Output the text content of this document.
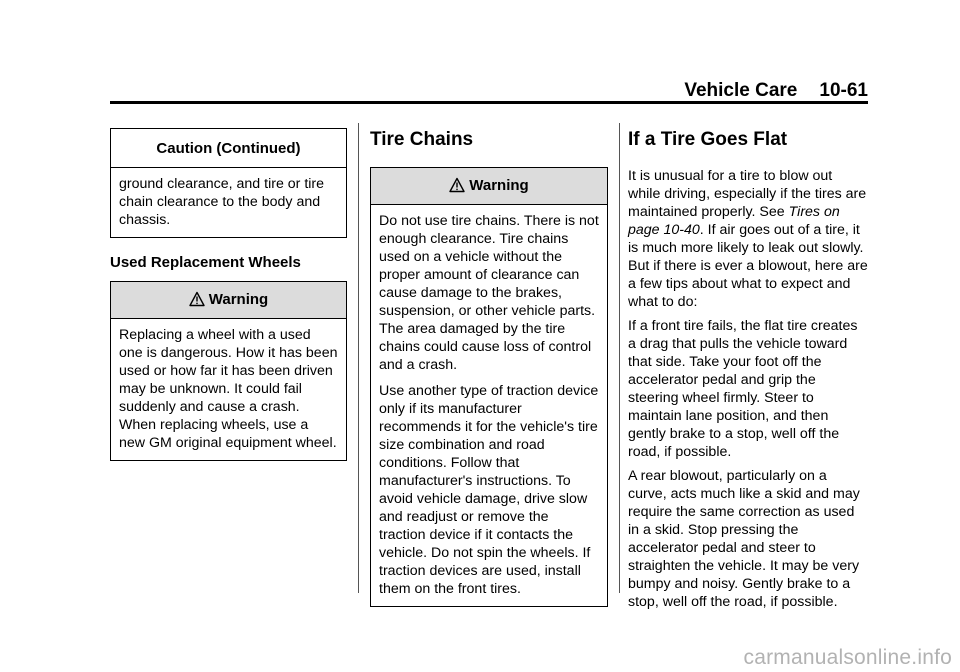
Vehicle Care 10-61
Caution (Continued)

ground clearance, and tire or tire chain clearance to the body and chassis.

Used Replacement Wheels
Warning

Replacing a wheel with a used one is dangerous. How it has been used or how far it has been driven may be unknown. It could fail suddenly and cause a crash. When replacing wheels, use a new GM original equipment wheel.

Tire Chains
Warning

Do not use tire chains. There is not enough clearance. Tire chains used on a vehicle without the proper amount of clearance can cause damage to the brakes, suspension, or other vehicle parts. The area damaged by the tire chains could cause loss of control and a crash.

Use another type of traction device only if its manufacturer recommends it for the vehicle's tire size combination and road conditions. Follow that manufacturer's instructions. To avoid vehicle damage, drive slow and readjust or remove the traction device if it contacts the vehicle. Do not spin the wheels. If traction devices are used, install them on the front tires.

If a Tire Goes Flat

It is unusual for a tire to blow out while driving, especially if the tires are maintained properly. See Tires on page 10-40. If air goes out of a tire, it is much more likely to leak out slowly. But if there is ever a blowout, here are a few tips about what to expect and what to do:

If a front tire fails, the flat tire creates a drag that pulls the vehicle toward that side. Take your foot off the accelerator pedal and grip the steering wheel firmly. Steer to maintain lane position, and then gently brake to a stop, well off the road, if possible.

A rear blowout, particularly on a curve, acts much like a skid and may require the same correction as used in a skid. Stop pressing the accelerator pedal and steer to straighten the vehicle. It may be very bumpy and noisy. Gently brake to a stop, well off the road, if possible.

carmanualsonline.info
